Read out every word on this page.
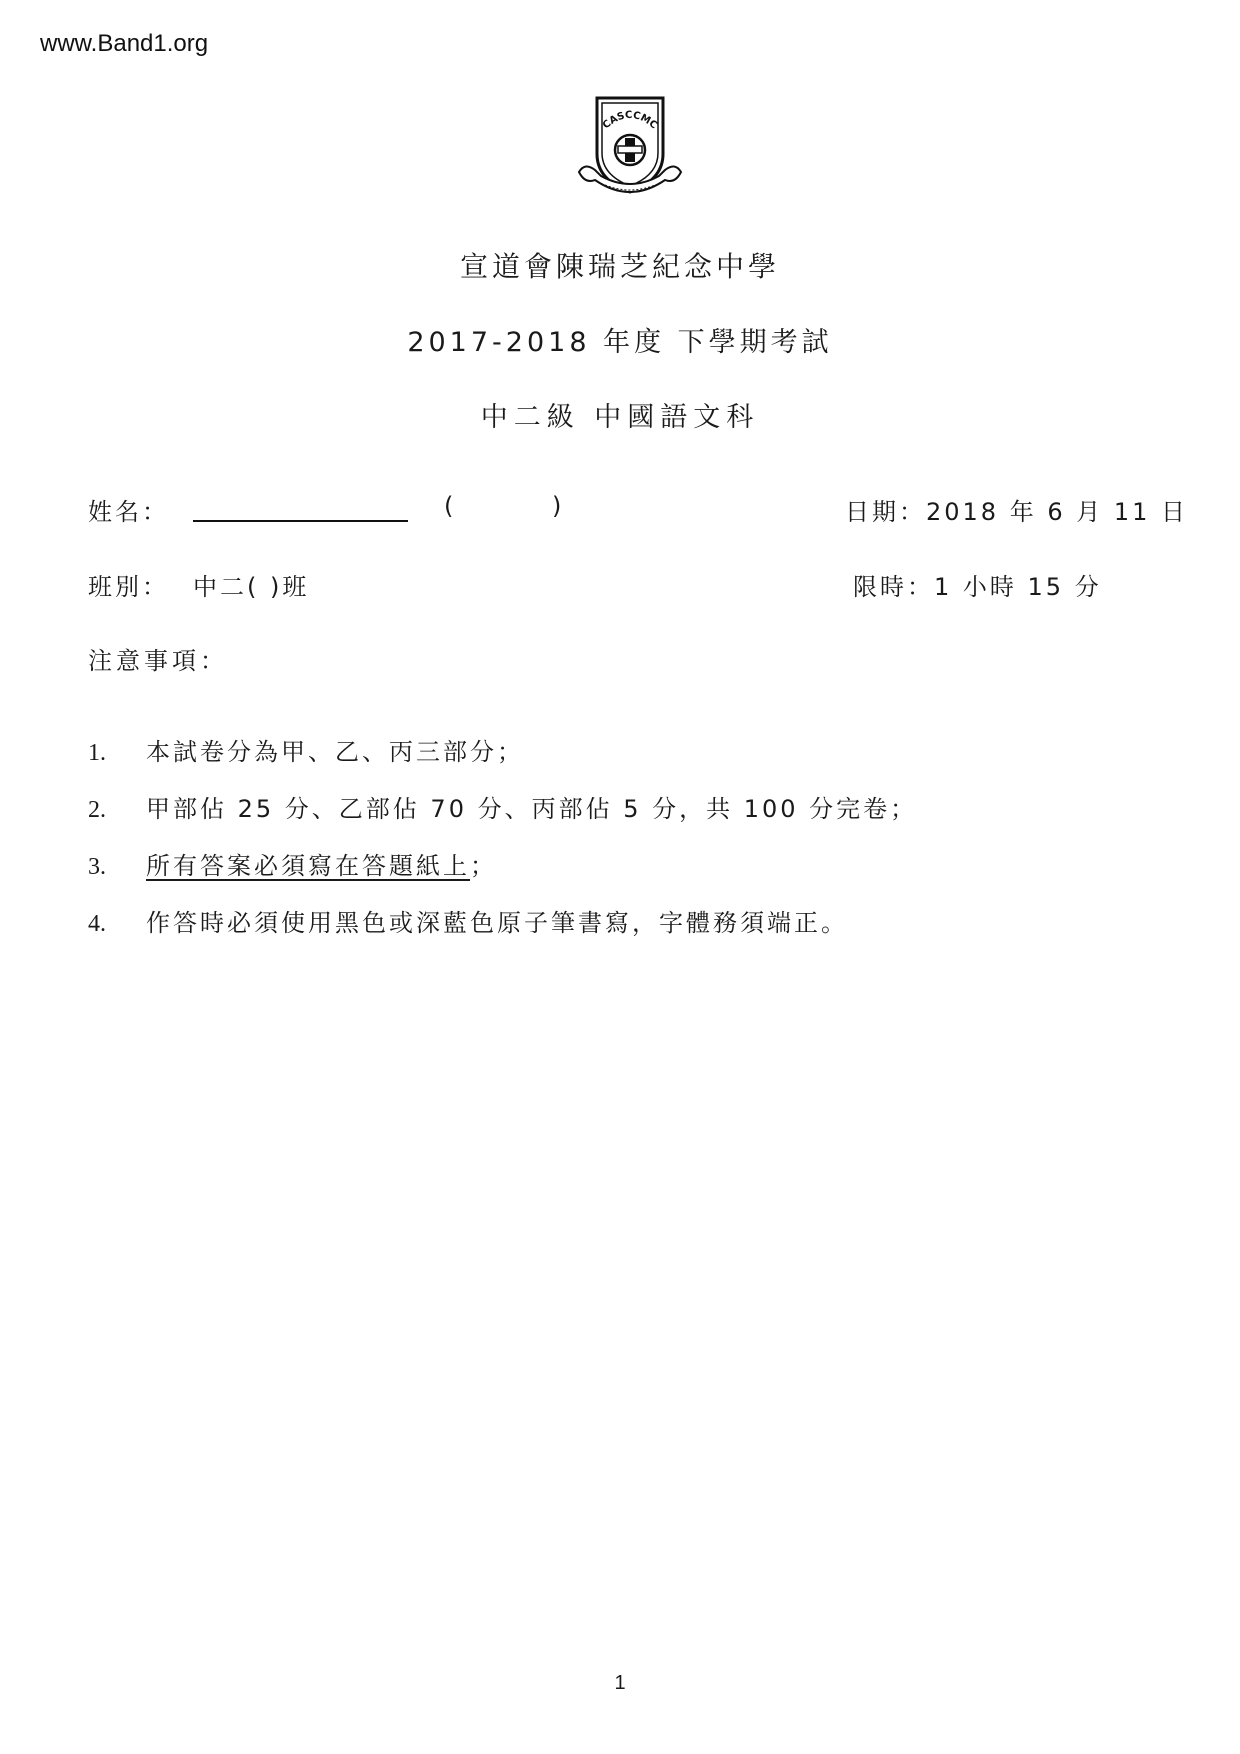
www.Band1.org
CASCCMC
宣道會陳瑞芝紀念中學
2017-2018 年度 下學期考試
中二級 中國語文科
姓名：	(	)	日期：2018 年 6 月 11 日
班別： 中二( )班	限時：1 小時 15 分
注意事項：
1. 本試卷分為甲、乙、丙三部分；
2. 甲部佔 25 分、乙部佔 70 分、丙部佔 5 分，共 100 分完卷；
3. 所有答案必須寫在答題紙上；
4. 作答時必須使用黑色或深藍色原子筆書寫，字體務須端正。
1
